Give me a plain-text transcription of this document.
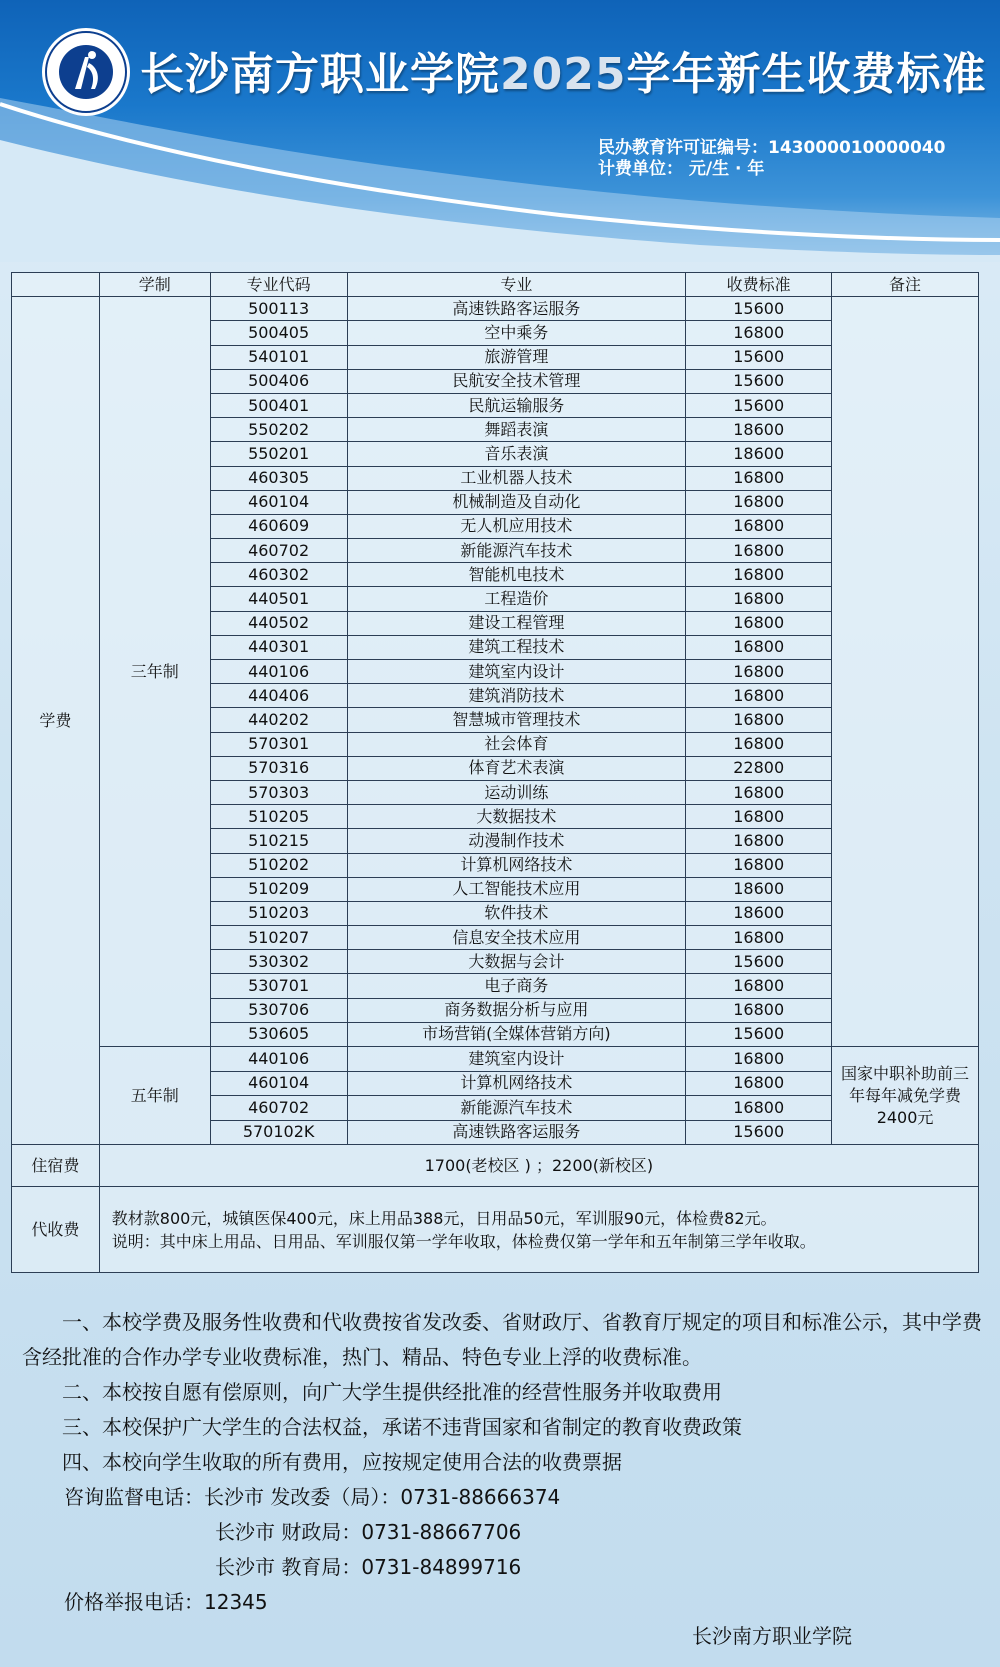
长沙南方职业学院2025学年新生收费标准
民办教育许可证编号：143000010000040
计费单位： 元/生 · 年
	学制	专业代码	专业	收费标准	备注
学费	三年制	500113	高速铁路客运服务	15600	
		500405	空中乘务	16800	
		540101	旅游管理	15600	
		500406	民航安全技术管理	15600	
		500401	民航运输服务	15600	
		550202	舞蹈表演	18600	
		550201	音乐表演	18600	
		460305	工业机器人技术	16800	
		460104	机械制造及自动化	16800	
		460609	无人机应用技术	16800	
		460702	新能源汽车技术	16800	
		460302	智能机电技术	16800	
		440501	工程造价	16800	
		440502	建设工程管理	16800	
		440301	建筑工程技术	16800	
		440106	建筑室内设计	16800	
		440406	建筑消防技术	16800	
		440202	智慧城市管理技术	16800	
		570301	社会体育	16800	
		570316	体育艺术表演	22800	
		570303	运动训练	16800	
		510205	大数据技术	16800	
		510215	动漫制作技术	16800	
		510202	计算机网络技术	16800	
		510209	人工智能技术应用	18600	
		510203	软件技术	18600	
		510207	信息安全技术应用	16800	
		530302	大数据与会计	15600	
		530701	电子商务	16800	
		530706	商务数据分析与应用	16800	
		530605	市场营销(全媒体营销方向)	15600	
	五年制	440106	建筑室内设计	16800	国家中职补助前三年每年减免学费2400元
		460104	计算机网络技术	16800	
		460702	新能源汽车技术	16800	
		570102K	高速铁路客运服务	15600	
住宿费	1700(老校区 ) ；2200(新校区)				
代收费	教材款800元，城镇医保400元，床上用品388元，日用品50元，军训服90元，体检费82元。
说明：其中床上用品、日用品、军训服仅第一学年收取，体检费仅第一学年和五年制第三学年收取。				
一、本校学费及服务性收费和代收费按省发改委、省财政厅、省教育厅规定的项目和标准公示，其中学费含经批准的合作办学专业收费标准，热门、精品、特色专业上浮的收费标准。
二、本校按自愿有偿原则，向广大学生提供经批准的经营性服务并收取费用
三、本校保护广大学生的合法权益，承诺不违背国家和省制定的教育收费政策
四、本校向学生收取的所有费用，应按规定使用合法的收费票据
咨询监督电话：长沙市 发改委（局）：0731-88666374
长沙市 财政局：0731-88667706
长沙市 教育局：0731-84899716
价格举报电话：12345
长沙南方职业学院
